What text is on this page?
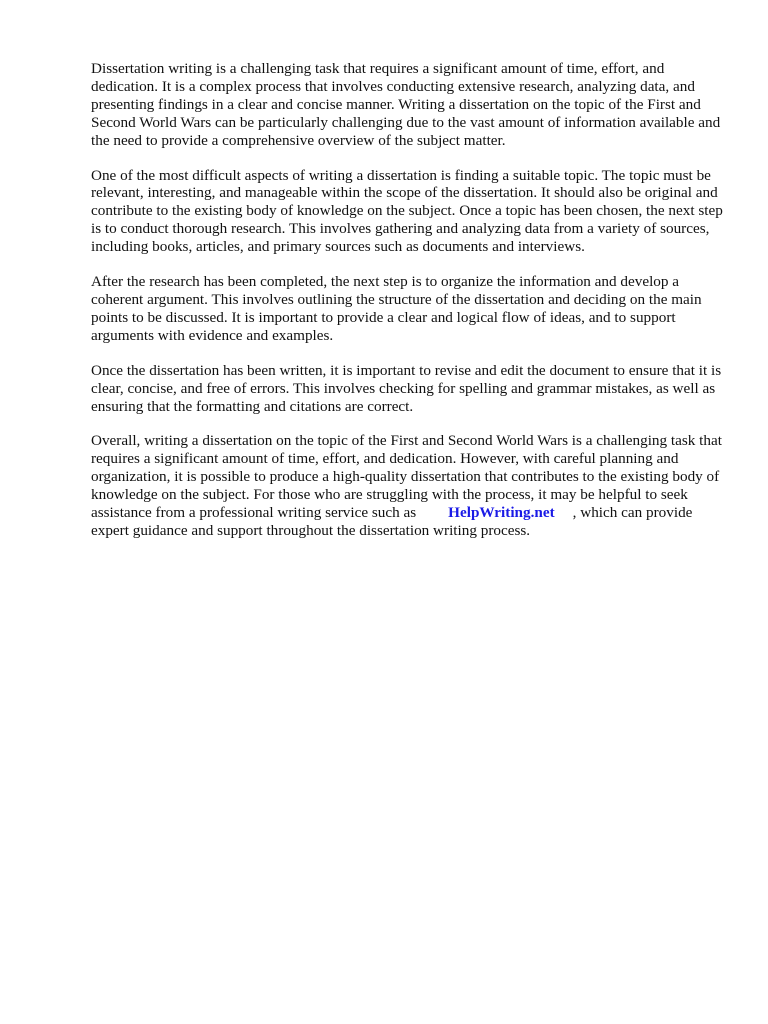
Dissertation writing is a challenging task that requires a significant amount of time, effort, and dedication. It is a complex process that involves conducting extensive research, analyzing data, and presenting findings in a clear and concise manner. Writing a dissertation on the topic of the First and Second World Wars can be particularly challenging due to the vast amount of information available and the need to provide a comprehensive overview of the subject matter.

One of the most difficult aspects of writing a dissertation is finding a suitable topic. The topic must be relevant, interesting, and manageable within the scope of the dissertation. It should also be original and contribute to the existing body of knowledge on the subject. Once a topic has been chosen, the next step is to conduct thorough research. This involves gathering and analyzing data from a variety of sources, including books, articles, and primary sources such as documents and interviews.

After the research has been completed, the next step is to organize the information and develop a coherent argument. This involves outlining the structure of the dissertation and deciding on the main points to be discussed. It is important to provide a clear and logical flow of ideas, and to support arguments with evidence and examples.

Once the dissertation has been written, it is important to revise and edit the document to ensure that it is clear, concise, and free of errors. This involves checking for spelling and grammar mistakes, as well as ensuring that the formatting and citations are correct.

Overall, writing a dissertation on the topic of the First and Second World Wars is a challenging task that requires a significant amount of time, effort, and dedication. However, with careful planning and organization, it is possible to produce a high-quality dissertation that contributes to the existing body of knowledge on the subject. For those who are struggling with the process, it may be helpful to seek assistance from a professional writing service such as HelpWriting.net , which can provide expert guidance and support throughout the dissertation writing process.
